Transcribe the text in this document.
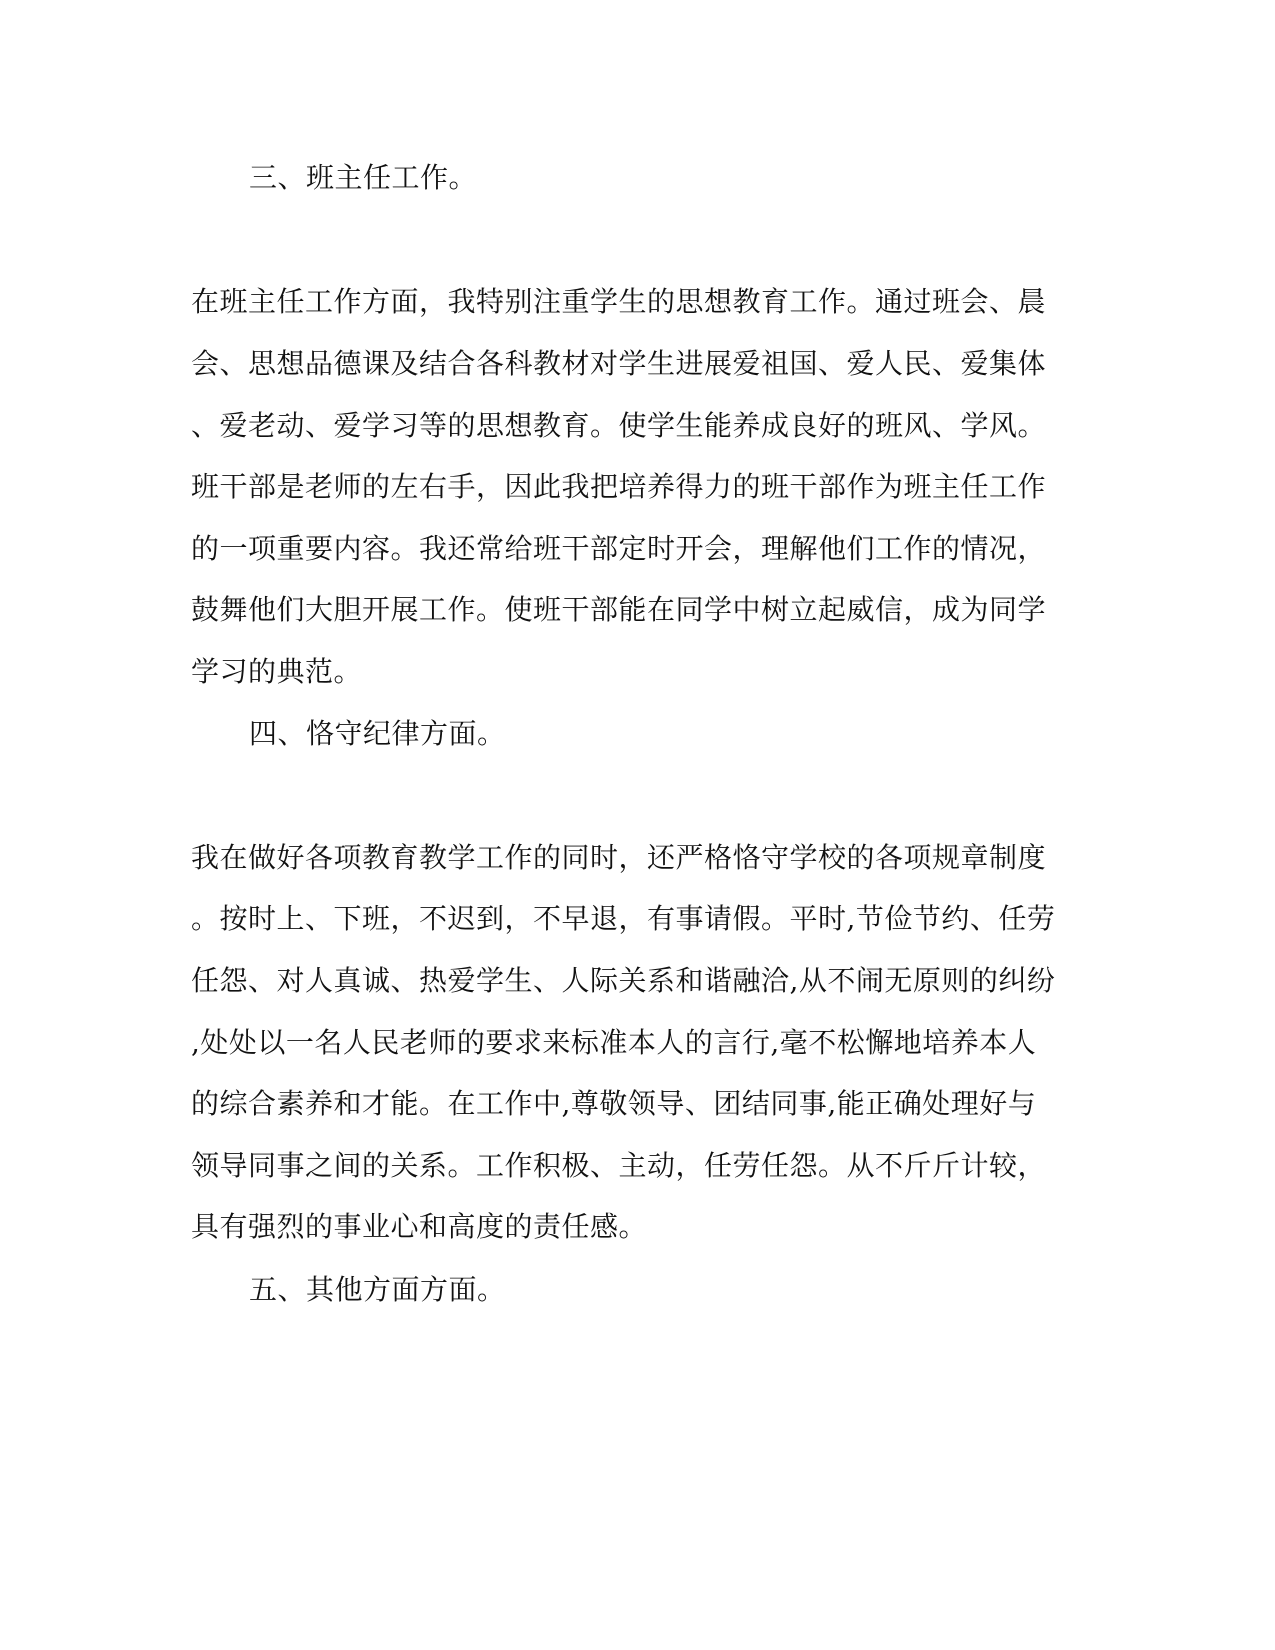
三、班主任工作。
在班主任工作方面，我特别注重学生的思想教育工作。通过班会、晨
会、思想品德课及结合各科教材对学生进展爱祖国、爱人民、爱集体
、爱老动、爱学习等的思想教育。使学生能养成良好的班风、学风。
班干部是老师的左右手，因此我把培养得力的班干部作为班主任工作
的一项重要内容。我还常给班干部定时开会，理解他们工作的情况，
鼓舞他们大胆开展工作。使班干部能在同学中树立起威信，成为同学
学习的典范。
四、恪守纪律方面。
我在做好各项教育教学工作的同时，还严格恪守学校的各项规章制度
。按时上、下班，不迟到，不早退，有事请假。平时,节俭节约、任劳
任怨、对人真诚、热爱学生、人际关系和谐融洽,从不闹无原则的纠纷
,处处以一名人民老师的要求来标准本人的言行,毫不松懈地培养本人
的综合素养和才能。在工作中,尊敬领导、团结同事,能正确处理好与
领导同事之间的关系。工作积极、主动，任劳任怨。从不斤斤计较，
具有强烈的事业心和高度的责任感。
五、其他方面方面。
